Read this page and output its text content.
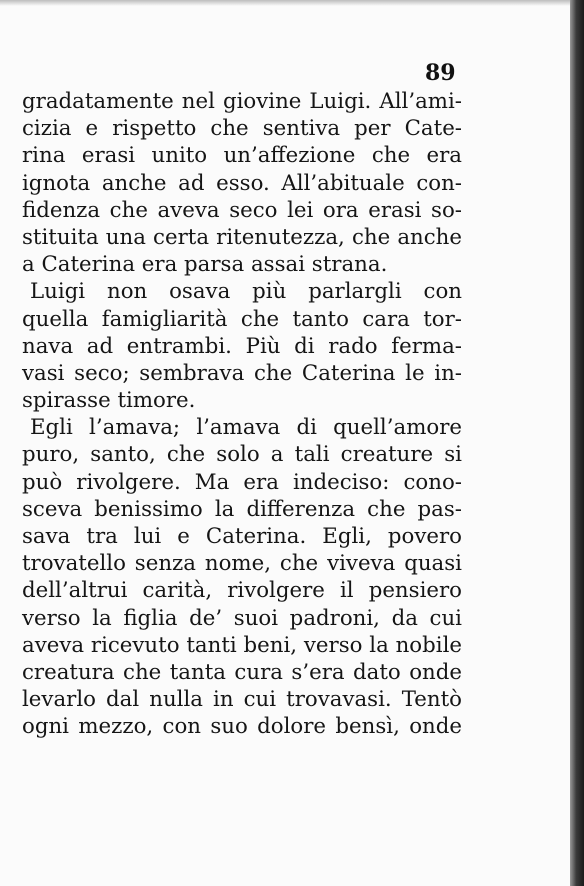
89
gradatamente nel giovine Luigi. All’ami-
cizia e rispetto che sentiva per Cate-
rina erasi unito un’affezione che era
ignota anche ad esso. All’abituale con-
fidenza che aveva seco lei ora erasi so-
stituita una certa ritenutezza, che anche
a Caterina era parsa assai strana.
Luigi non osava più parlargli con
quella famigliarità che tanto cara tor-
nava ad entrambi. Più di rado ferma-
vasi seco; sembrava che Caterina le in-
spirasse timore.
Egli l’amava; l’amava di quell’amore
puro, santo, che solo a tali creature si
può rivolgere. Ma era indeciso: cono-
sceva benissimo la differenza che pas-
sava tra lui e Caterina. Egli, povero
trovatello senza nome, che viveva quasi
dell’altrui carità, rivolgere il pensiero
verso la figlia de’ suoi padroni, da cui
aveva ricevuto tanti beni, verso la nobile
creatura che tanta cura s’era dato onde
levarlo dal nulla in cui trovavasi. Tentò
ogni mezzo, con suo dolore bensì, onde
